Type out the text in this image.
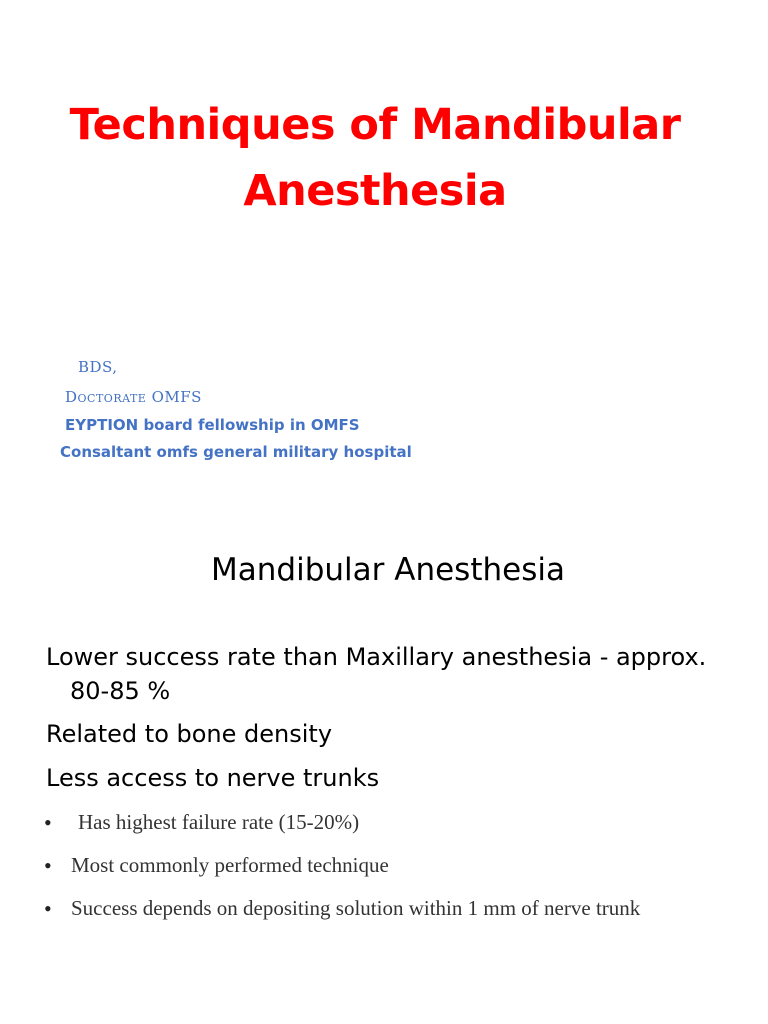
Techniques of Mandibular
Anesthesia
BDS,
Doctorate OMFS
EYPTION board fellowship in OMFS
Consaltant omfs general military hospital
Mandibular Anesthesia
Lower success rate than Maxillary anesthesia - approx.
80-85 %
Related to bone density
Less access to nerve trunks
• Has highest failure rate (15-20%)
• Most commonly performed technique
• Success depends on depositing solution within 1 mm of nerve trunk
